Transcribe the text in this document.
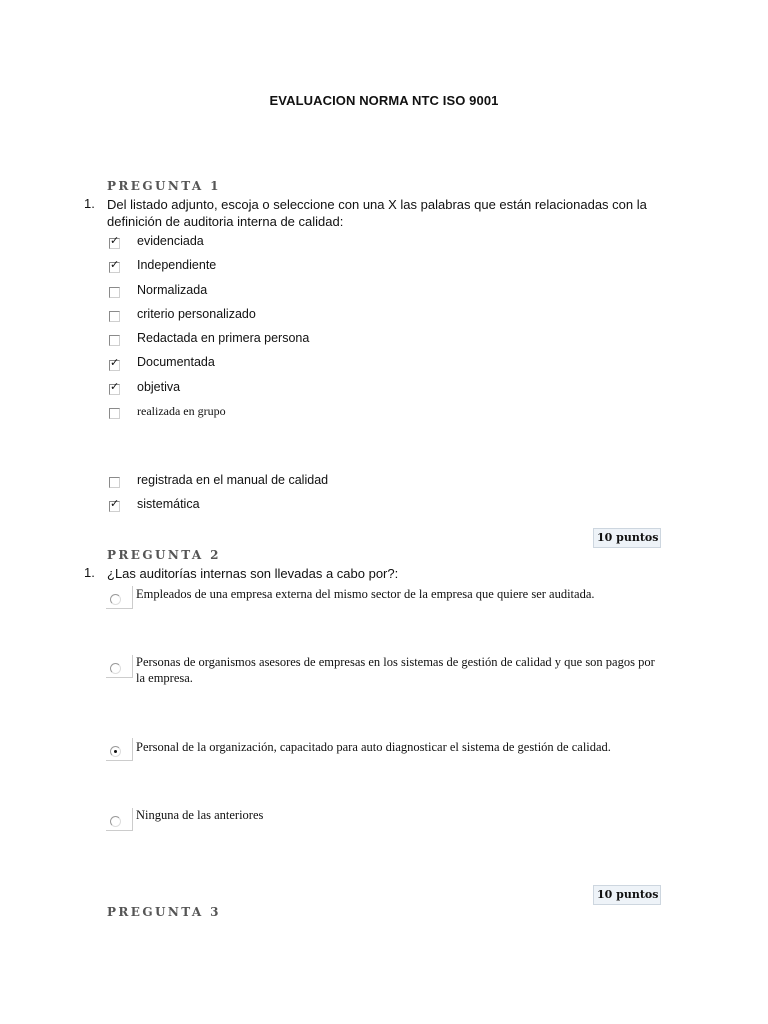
EVALUACION NORMA NTC ISO 9001
PREGUNTA 1
1. Del listado adjunto, escoja o seleccione con una X las palabras que están relacionadas con la definición de auditoria interna de calidad:
✓ evidenciada
✓ Independiente
Normalizada
criterio personalizado
Redactada en primera persona
✓ Documentada
✓ objetiva
realizada en grupo
registrada en el manual de calidad
✓ sistemática
10 puntos
PREGUNTA 2
1. ¿Las auditorías internas son llevadas a cabo por?:
Empleados de una empresa externa del mismo sector de la empresa que quiere ser auditada.
Personas de organismos asesores de empresas en los sistemas de gestión de calidad y que son pagos por la empresa.
Personal de la organización, capacitado para auto diagnosticar el sistema de gestión de calidad.
Ninguna de las anteriores
10 puntos
PREGUNTA 3
